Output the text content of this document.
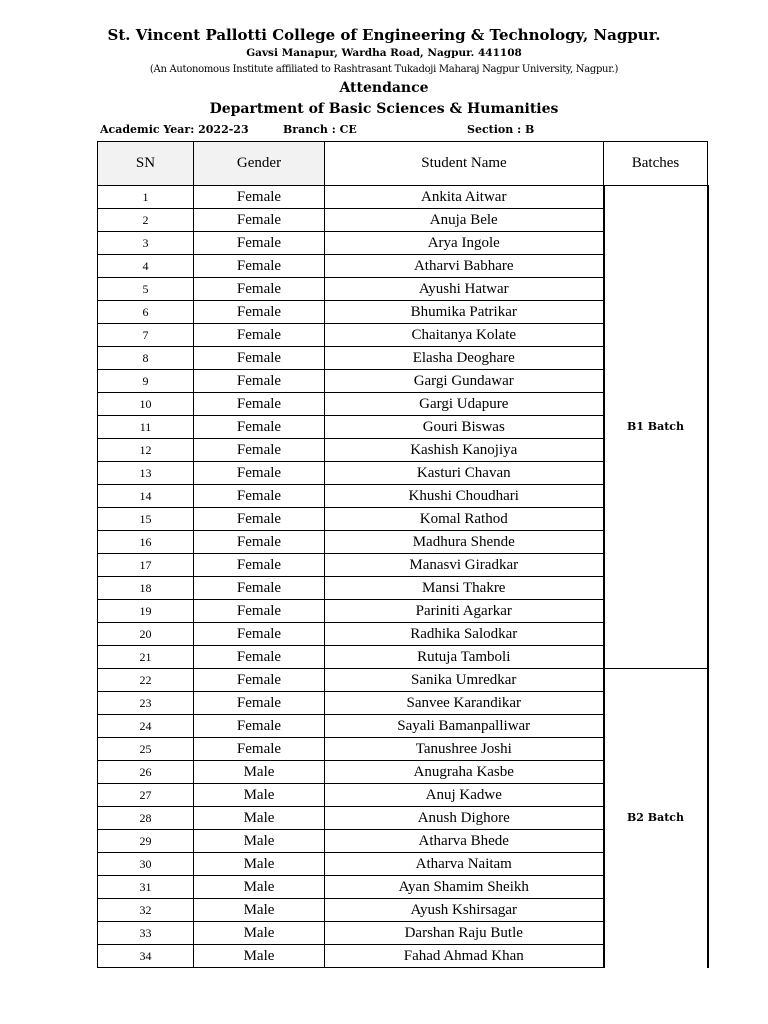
St. Vincent Pallotti College of Engineering & Technology, Nagpur.
Gavsi Manapur, Wardha Road, Nagpur. 441108
(An Autonomous Institute affiliated to Rashtrasant Tukadoji Maharaj Nagpur University, Nagpur.)
Attendance
Department of Basic Sciences & Humanities
Academic Year: 2022-23	Branch : CE	Section : B
SN	Gender	Student Name	Batches
1	Female	Ankita Aitwar	B1 Batch
2	Female	Anuja Bele	
3	Female	Arya Ingole	
4	Female	Atharvi Babhare	
5	Female	Ayushi Hatwar	
6	Female	Bhumika Patrikar	
7	Female	Chaitanya Kolate	
8	Female	Elasha Deoghare	
9	Female	Gargi Gundawar	
10	Female	Gargi Udapure	
11	Female	Gouri Biswas	
12	Female	Kashish Kanojiya	
13	Female	Kasturi Chavan	
14	Female	Khushi Choudhari	
15	Female	Komal Rathod	
16	Female	Madhura Shende	
17	Female	Manasvi Giradkar	
18	Female	Mansi Thakre	
19	Female	Pariniti Agarkar	
20	Female	Radhika Salodkar	
21	Female	Rutuja Tamboli	
22	Female	Sanika Umredkar	B2 Batch
23	Female	Sanvee Karandikar	
24	Female	Sayali Bamanpalliwar	
25	Female	Tanushree Joshi	
26	Male	Anugraha Kasbe	
27	Male	Anuj Kadwe	
28	Male	Anush Dighore	
29	Male	Atharva Bhede	
30	Male	Atharva Naitam	
31	Male	Ayan Shamim Sheikh	
32	Male	Ayush Kshirsagar	
33	Male	Darshan Raju Butle	
34	Male	Fahad Ahmad Khan	
